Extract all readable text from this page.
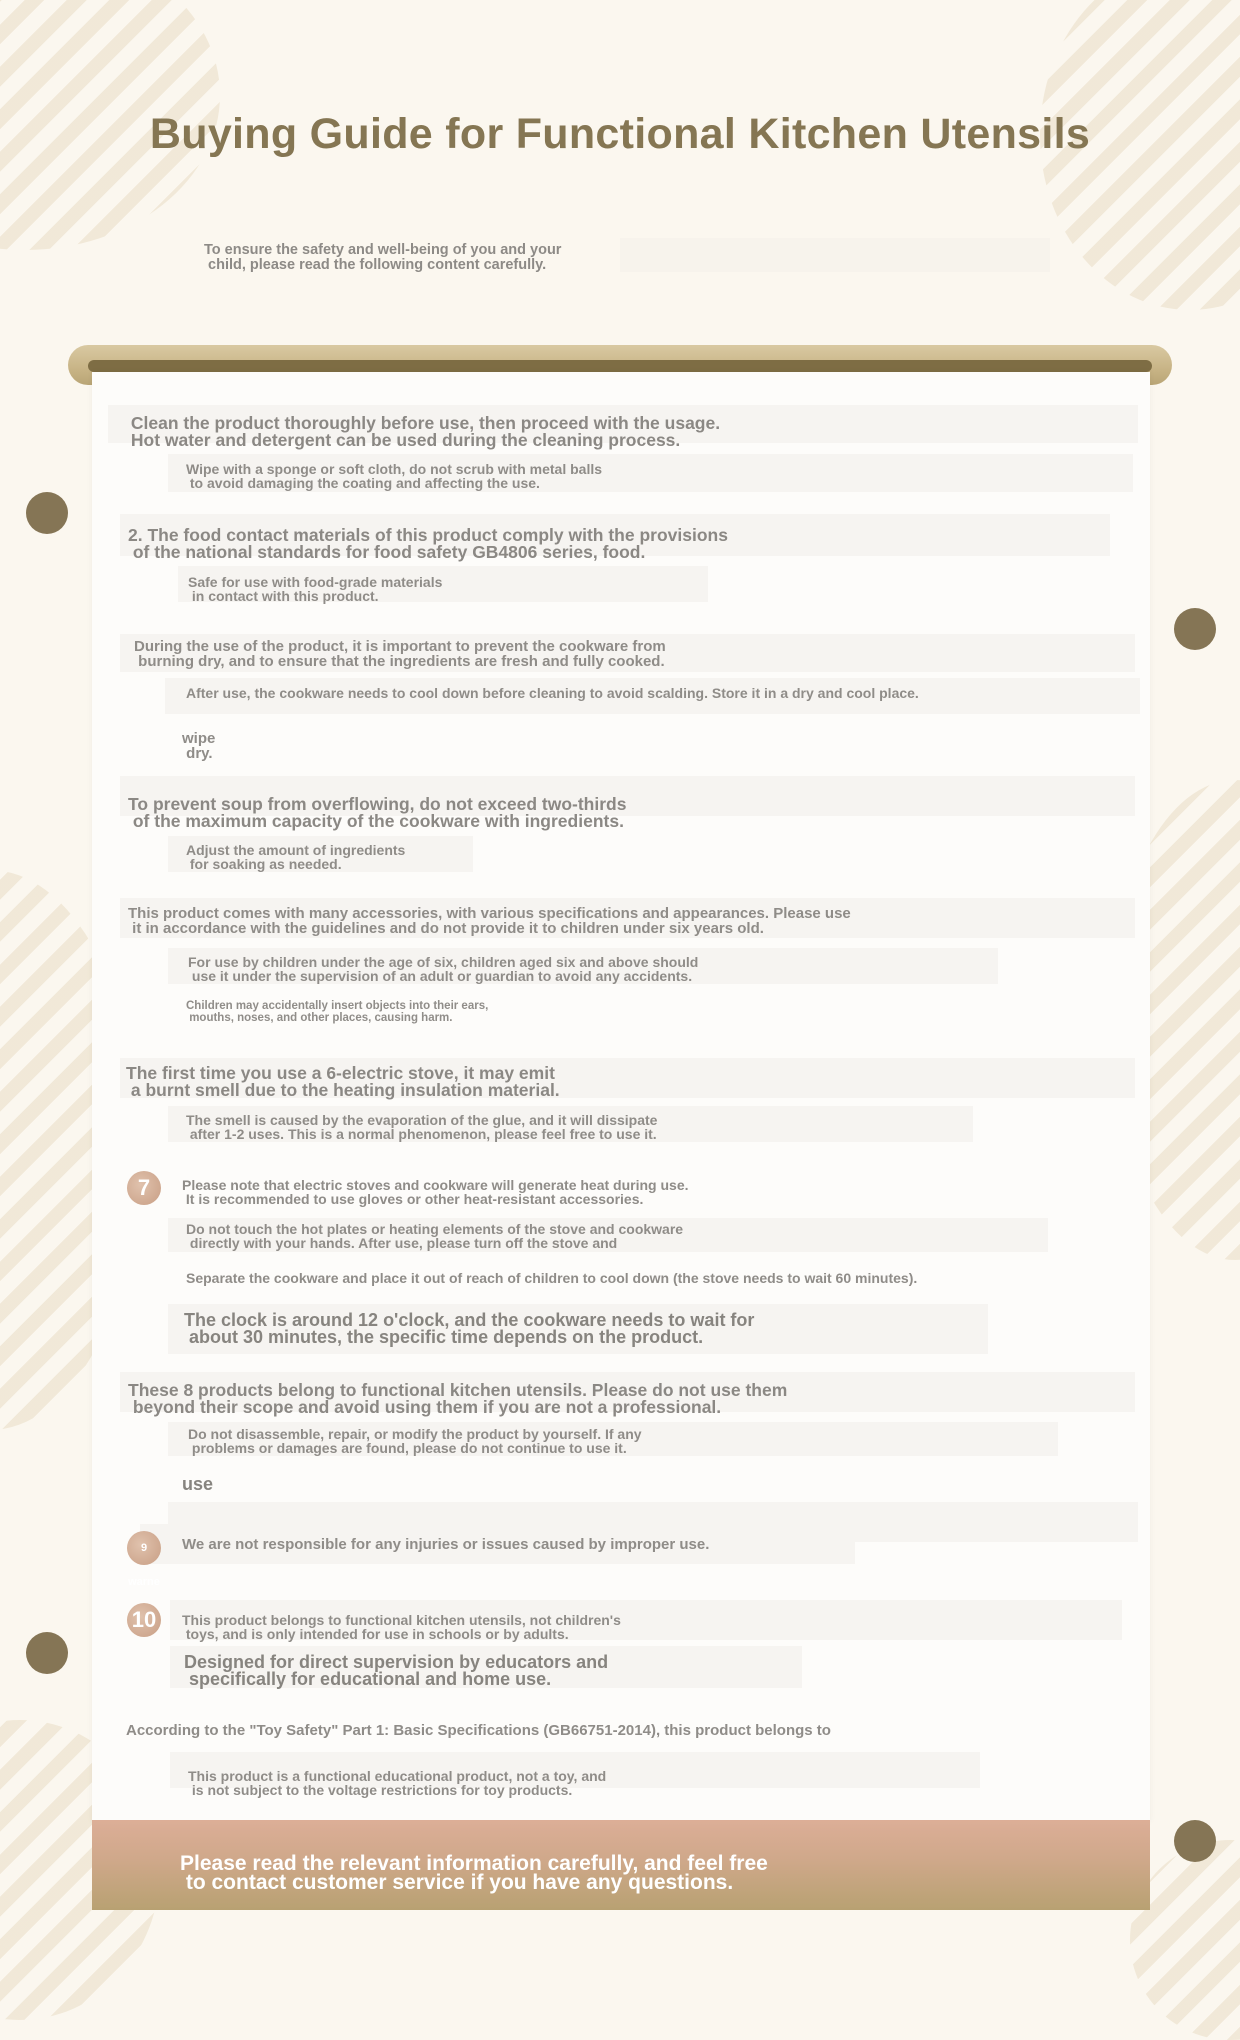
Buying Guide for Functional Kitchen Utensils
To ensure the safety and well-being of you and your
child, please read the following content carefully.
Clean the product thoroughly before use, then proceed with the usage.
Hot water and detergent can be used during the cleaning process.
Wipe with a sponge or soft cloth, do not scrub with metal balls
to avoid damaging the coating and affecting the use.
2. The food contact materials of this product comply with the provisions
of the national standards for food safety GB4806 series, food.
Safe for use with food-grade materials
in contact with this product.
During the use of the product, it is important to prevent the cookware from
burning dry, and to ensure that the ingredients are fresh and fully cooked.
After use, the cookware needs to cool down before cleaning to avoid scalding. Store it in a dry and cool place.
wipe
dry.
To prevent soup from overflowing, do not exceed two-thirds
of the maximum capacity of the cookware with ingredients.
Adjust the amount of ingredients
for soaking as needed.
This product comes with many accessories, with various specifications and appearances. Please use
it in accordance with the guidelines and do not provide it to children under six years old.
For use by children under the age of six, children aged six and above should
use it under the supervision of an adult or guardian to avoid any accidents.
Children may accidentally insert objects into their ears,
mouths, noses, and other places, causing harm.
The first time you use a 6-electric stove, it may emit
a burnt smell due to the heating insulation material.
The smell is caused by the evaporation of the glue, and it will dissipate
after 1-2 uses. This is a normal phenomenon, please feel free to use it.
7	Please note that electric stoves and cookware will generate heat during use.
It is recommended to use gloves or other heat-resistant accessories.
Do not touch the hot plates or heating elements of the stove and cookware
directly with your hands. After use, please turn off the stove and
Separate the cookware and place it out of reach of children to cool down (the stove needs to wait 60 minutes).
The clock is around 12 o'clock, and the cookware needs to wait for
about 30 minutes, the specific time depends on the product.
These 8 products belong to functional kitchen utensils. Please do not use them
beyond their scope and avoid using them if you are not a professional.
Do not disassemble, repair, or modify the product by yourself. If any
problems or damages are found, please do not continue to use it.
use
9 warne
We are not responsible for any injuries or issues caused by improper use.
10	This product belongs to functional kitchen utensils, not children's
toys, and is only intended for use in schools or by adults.
Designed for direct supervision by educators and
specifically for educational and home use.
According to the "Toy Safety" Part 1: Basic Specifications (GB66751-2014), this product belongs to
This product is a functional educational product, not a toy, and
is not subject to the voltage restrictions for toy products.
Please read the relevant information carefully, and feel free
to contact customer service if you have any questions.
